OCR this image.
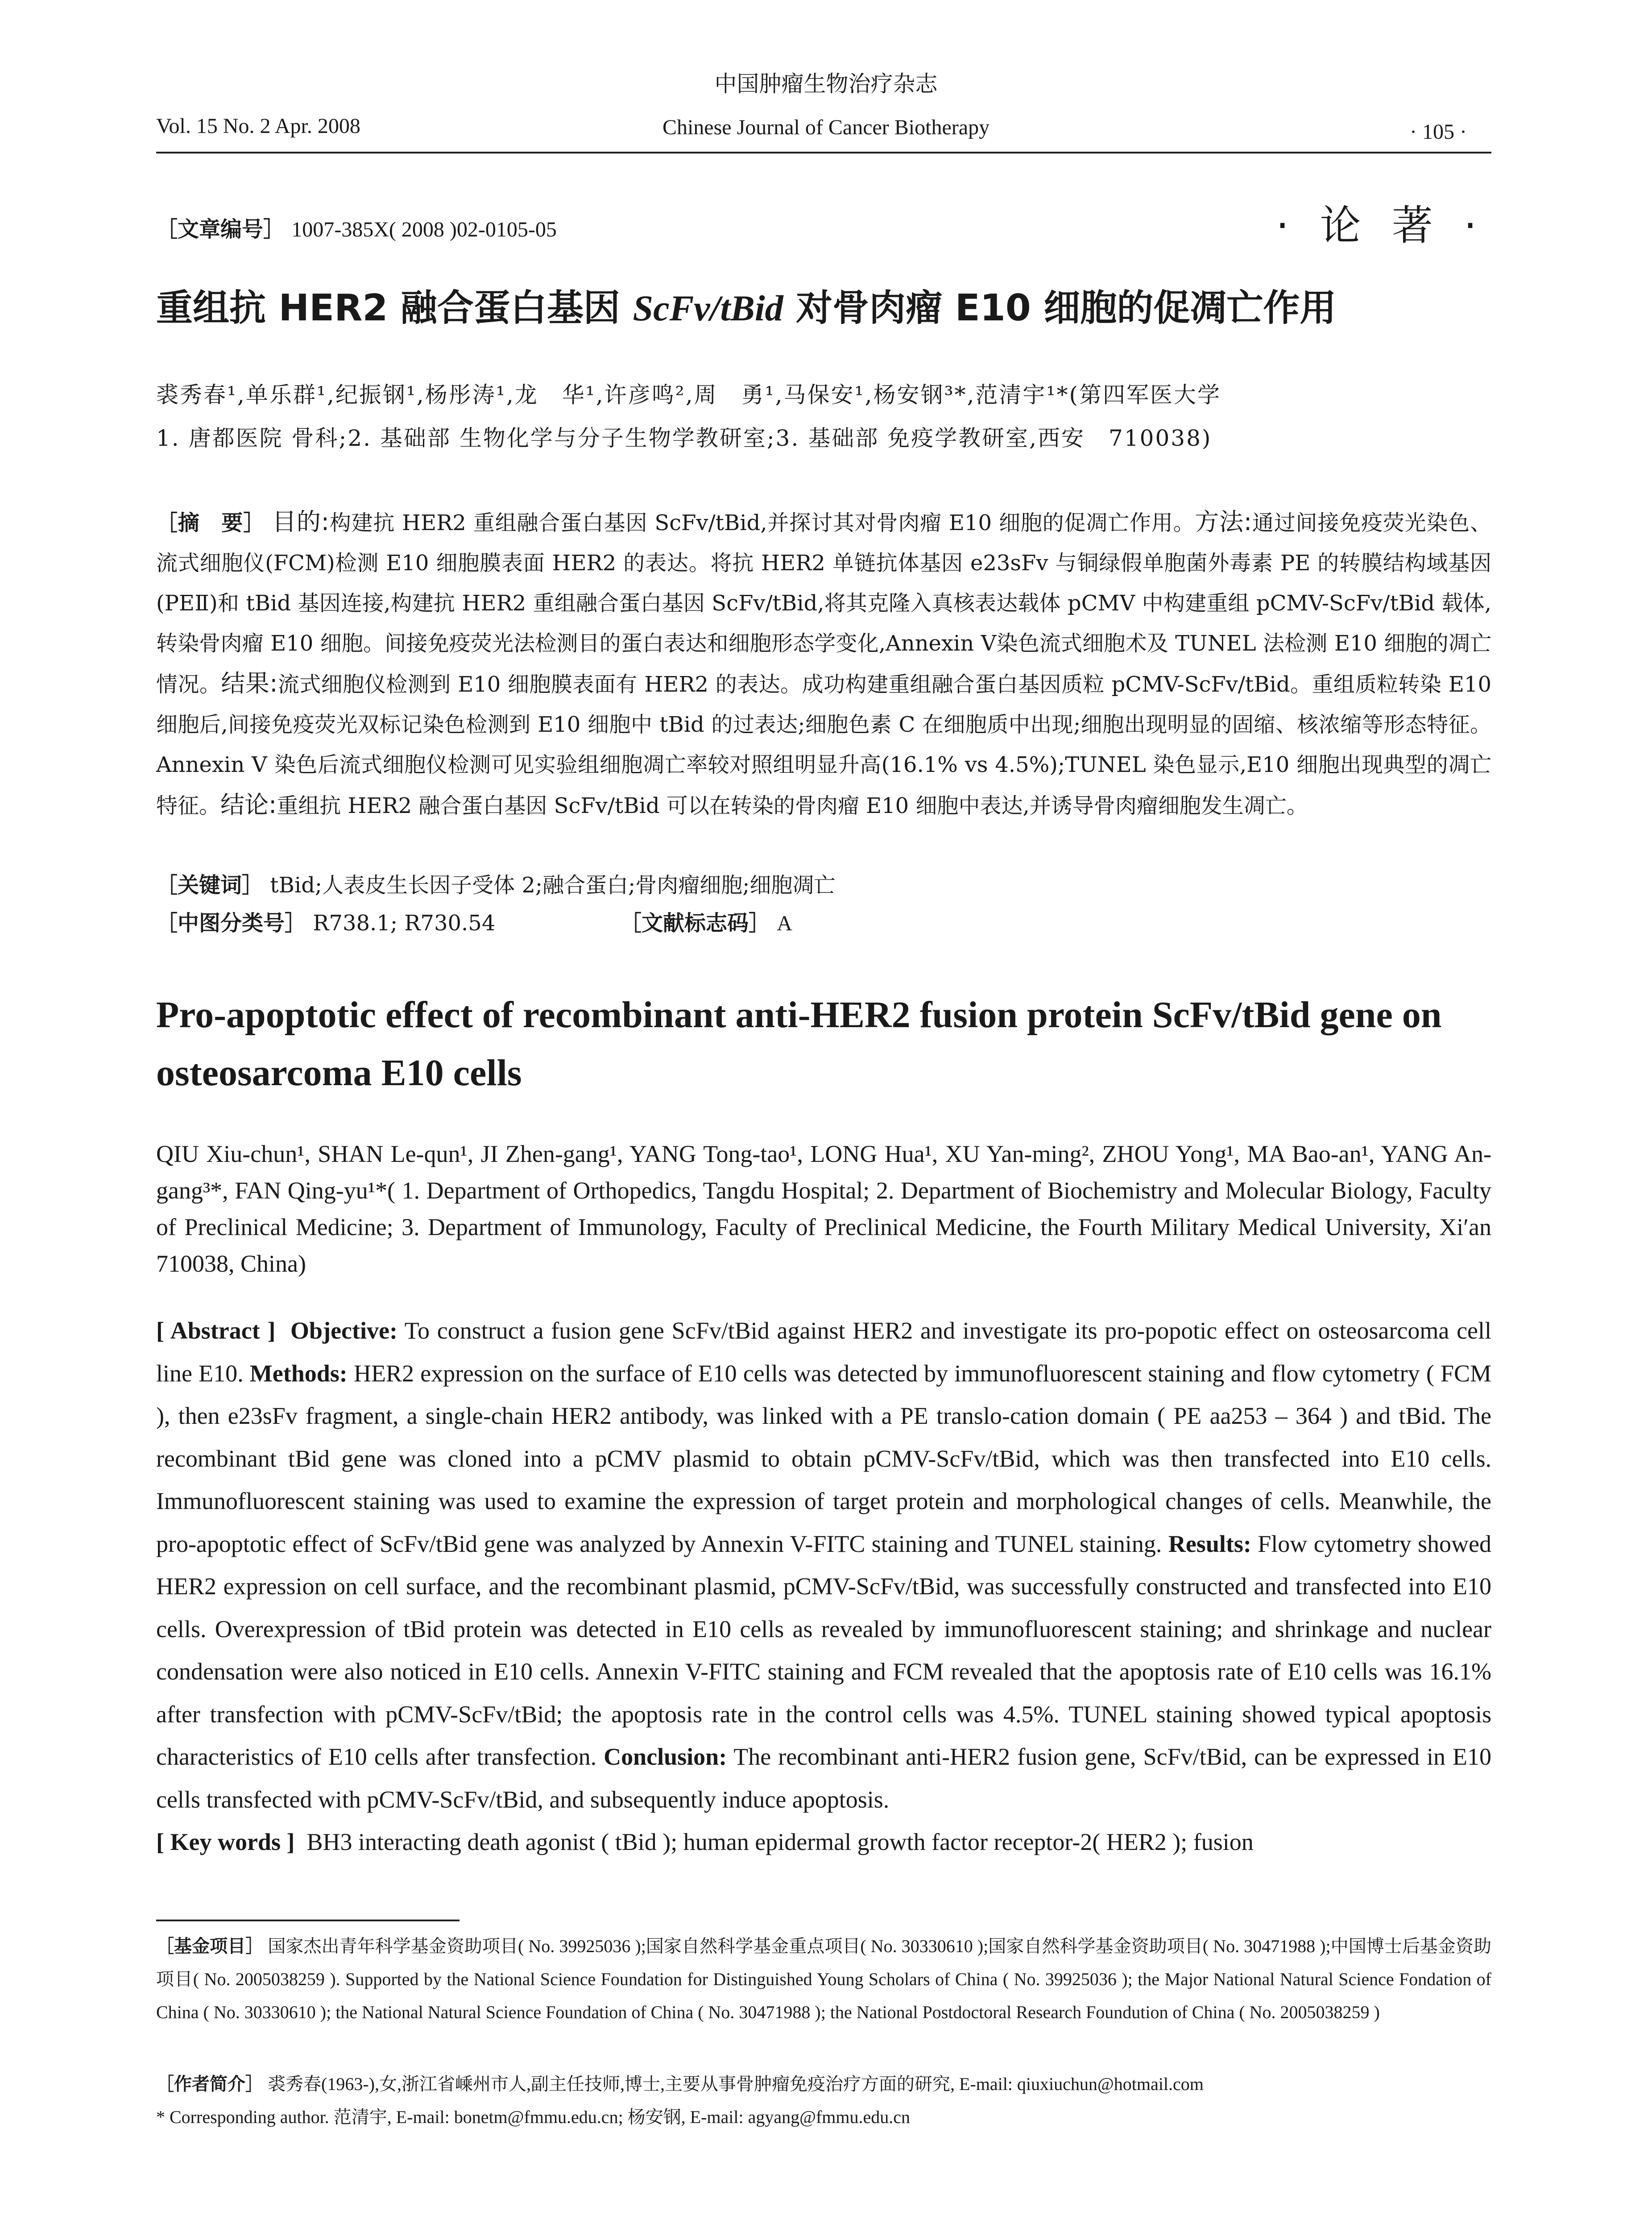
中国肿瘤生物治疗杂志
Vol. 15 No. 2 Apr. 2008	Chinese Journal of Cancer Biotherapy	· 105 ·
［文章编号］ 1007-385X( 2008 )02-0105-05	· 论 著 ·
重组抗 HER2 融合蛋白基因 ScFv/tBid 对骨肉瘤 E10 细胞的促凋亡作用
裘秀春¹,单乐群¹,纪振钢¹,杨彤涛¹,龙　华¹,许彦鸣²,周　勇¹,马保安¹,杨安钢³*,范清宇¹*(第四军医大学
1. 唐都医院 骨科;2. 基础部 生物化学与分子生物学教研室;3. 基础部 免疫学教研室,西安　710038)
［摘　要］ 目的:构建抗 HER2 重组融合蛋白基因 ScFv/tBid,并探讨其对骨肉瘤 E10 细胞的促凋亡作用。方法:通过间接免疫荧光染色、流式细胞仪(FCM)检测 E10 细胞膜表面 HER2 的表达。将抗 HER2 单链抗体基因 e23sFv 与铜绿假单胞菌外毒素 PE 的转膜结构域基因(PEⅡ)和 tBid 基因连接,构建抗 HER2 重组融合蛋白基因 ScFv/tBid,将其克隆入真核表达载体 pCMV 中构建重组 pCMV-ScFv/tBid 载体,转染骨肉瘤 E10 细胞。间接免疫荧光法检测目的蛋白表达和细胞形态学变化,Annexin V染色流式细胞术及 TUNEL 法检测 E10 细胞的凋亡情况。结果:流式细胞仪检测到 E10 细胞膜表面有 HER2 的表达。成功构建重组融合蛋白基因质粒 pCMV-ScFv/tBid。重组质粒转染 E10 细胞后,间接免疫荧光双标记染色检测到 E10 细胞中 tBid 的过表达;细胞色素 C 在细胞质中出现;细胞出现明显的固缩、核浓缩等形态特征。Annexin V 染色后流式细胞仪检测可见实验组细胞凋亡率较对照组明显升高(16.1% vs 4.5%);TUNEL 染色显示,E10 细胞出现典型的凋亡特征。结论:重组抗 HER2 融合蛋白基因 ScFv/tBid 可以在转染的骨肉瘤 E10 细胞中表达,并诱导骨肉瘤细胞发生凋亡。
［关键词］ tBid;人表皮生长因子受体 2;融合蛋白;骨肉瘤细胞;细胞凋亡
［中图分类号］ R738.1; R730.54	［文献标志码］ A
Pro-apoptotic effect of recombinant anti-HER2 fusion protein ScFv/tBid gene on osteosarcoma E10 cells
QIU Xiu-chun¹, SHAN Le-qun¹, JI Zhen-gang¹, YANG Tong-tao¹, LONG Hua¹, XU Yan-ming², ZHOU Yong¹, MA Bao-an¹, YANG An-gang³*, FAN Qing-yu¹*( 1. Department of Orthopedics, Tangdu Hospital; 2. Department of Biochemistry and Molecular Biology, Faculty of Preclinical Medicine; 3. Department of Immunology, Faculty of Preclinical Medicine, the Fourth Military Medical University, Xi′an 710038, China)
[ Abstract ] Objective: To construct a fusion gene ScFv/tBid against HER2 and investigate its pro-popotic effect on osteosarcoma cell line E10. Methods: HER2 expression on the surface of E10 cells was detected by immunofluorescent staining and flow cytometry ( FCM ), then e23sFv fragment, a single-chain HER2 antibody, was linked with a PE translo-cation domain ( PE aa253 – 364 ) and tBid. The recombinant tBid gene was cloned into a pCMV plasmid to obtain pCMV-ScFv/tBid, which was then transfected into E10 cells. Immunofluorescent staining was used to examine the expression of target protein and morphological changes of cells. Meanwhile, the pro-apoptotic effect of ScFv/tBid gene was analyzed by Annexin V-FITC staining and TUNEL staining. Results: Flow cytometry showed HER2 expression on cell surface, and the recombinant plasmid, pCMV-ScFv/tBid, was successfully constructed and transfected into E10 cells. Overexpression of tBid protein was detected in E10 cells as revealed by immunofluorescent staining; and shrinkage and nuclear condensation were also noticed in E10 cells. Annexin V-FITC staining and FCM revealed that the apoptosis rate of E10 cells was 16.1% after transfection with pCMV-ScFv/tBid; the apoptosis rate in the control cells was 4.5%. TUNEL staining showed typical apoptosis characteristics of E10 cells after transfection. Conclusion: The recombinant anti-HER2 fusion gene, ScFv/tBid, can be expressed in E10 cells transfected with pCMV-ScFv/tBid, and subsequently induce apoptosis.
[ Key words ] BH3 interacting death agonist ( tBid ); human epidermal growth factor receptor-2( HER2 ); fusion
［基金项目］ 国家杰出青年科学基金资助项目( No. 39925036 );国家自然科学基金重点项目( No. 30330610 );国家自然科学基金资助项目( No. 30471988 );中国博士后基金资助项目( No. 2005038259 ). Supported by the National Science Foundation for Distinguished Young Scholars of China ( No. 39925036 ); the Major National Natural Science Fondation of China ( No. 30330610 ); the National Natural Science Foundation of China ( No. 30471988 ); the National Postdoctoral Research Foundution of China ( No. 2005038259 )
［作者简介］ 裘秀春(1963-),女,浙江省嵊州市人,副主任技师,博士,主要从事骨肿瘤免疫治疗方面的研究, E-mail: qiuxiuchun@hotmail.com
* Corresponding author. 范清宇, E-mail: bonetm@fmmu.edu.cn; 杨安钢, E-mail: agyang@fmmu.edu.cn
